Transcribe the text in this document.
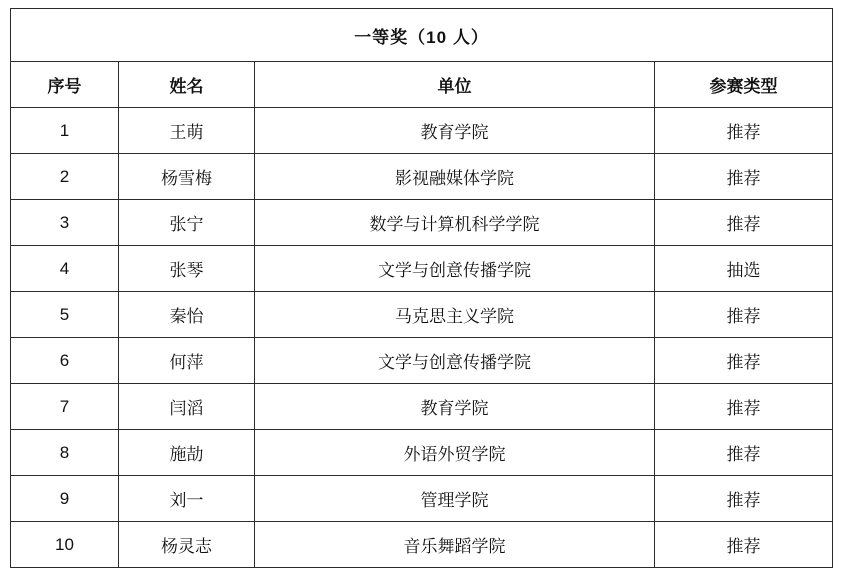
一等奖（10 人）			
序号	姓名	单位	参赛类型
1	王萌	教育学院	推荐
2	杨雪梅	影视融媒体学院	推荐
3	张宁	数学与计算机科学学院	推荐
4	张琴	文学与创意传播学院	抽选
5	秦怡	马克思主义学院	推荐
6	何萍	文学与创意传播学院	推荐
7	闫滔	教育学院	推荐
8	施劼	外语外贸学院	推荐
9	刘一	管理学院	推荐
10	杨灵志	音乐舞蹈学院	推荐
